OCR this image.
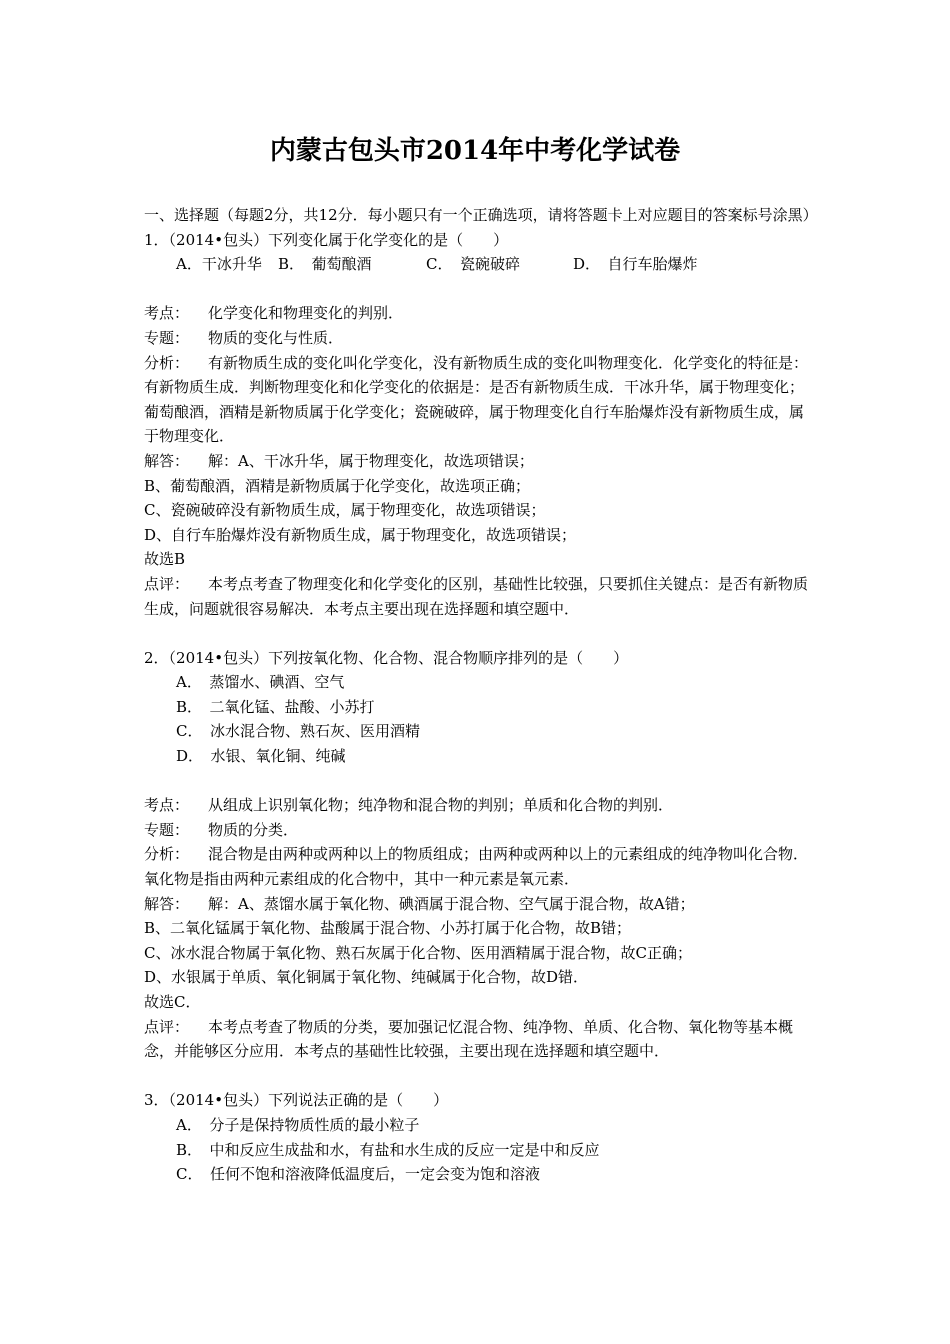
内蒙古包头市2014年中考化学试卷
一、选择题（每题2分，共12分．每小题只有一个正确选项，请将答题卡上对应题目的答案标号涂黑）
1．（2014•包头）下列变化属于化学变化的是（　　）
A．干冰升华 B．　葡萄酿酒	C．　瓷碗破碎	D．　自行车胎爆炸
考点： 化学变化和物理变化的判别．
专题： 物质的变化与性质．
分析： 有新物质生成的变化叫化学变化，没有新物质生成的变化叫物理变化．化学变化的特征是：有新物质生成．判断物理变化和化学变化的依据是：是否有新物质生成．干冰升华，属于物理变化；葡萄酿酒，酒精是新物质属于化学变化；瓷碗破碎，属于物理变化自行车胎爆炸没有新物质生成，属于物理变化．
解答： 解：A、干冰升华，属于物理变化，故选项错误；
B、葡萄酿酒，酒精是新物质属于化学变化，故选项正确；
C、瓷碗破碎没有新物质生成，属于物理变化，故选项错误；
D、自行车胎爆炸没有新物质生成，属于物理变化，故选项错误；
故选B
点评： 本考点考查了物理变化和化学变化的区别，基础性比较强，只要抓住关键点：是否有新物质生成，问题就很容易解决．本考点主要出现在选择题和填空题中．
2．（2014•包头）下列按氧化物、化合物、混合物顺序排列的是（　　）
A．　蒸馏水、碘酒、空气
B．　二氧化锰、盐酸、小苏打
C．　冰水混合物、熟石灰、医用酒精
D．　水银、氧化铜、纯碱
考点： 从组成上识别氧化物；纯净物和混合物的判别；单质和化合物的判别．
专题： 物质的分类．
分析： 混合物是由两种或两种以上的物质组成；由两种或两种以上的元素组成的纯净物叫化合物．氧化物是指由两种元素组成的化合物中，其中一种元素是氧元素．
解答： 解：A、蒸馏水属于氧化物、碘酒属于混合物、空气属于混合物，故A错；
B、二氧化锰属于氧化物、盐酸属于混合物、小苏打属于化合物，故B错；
C、冰水混合物属于氧化物、熟石灰属于化合物、医用酒精属于混合物，故C正确；
D、水银属于单质、氧化铜属于氧化物、纯碱属于化合物，故D错．
故选C．
点评： 本考点考查了物质的分类，要加强记忆混合物、纯净物、单质、化合物、氧化物等基本概念，并能够区分应用．本考点的基础性比较强，主要出现在选择题和填空题中．
3．（2014•包头）下列说法正确的是（　　）
A．　分子是保持物质性质的最小粒子
B．　中和反应生成盐和水，有盐和水生成的反应一定是中和反应
C．　任何不饱和溶液降低温度后，一定会变为饱和溶液
